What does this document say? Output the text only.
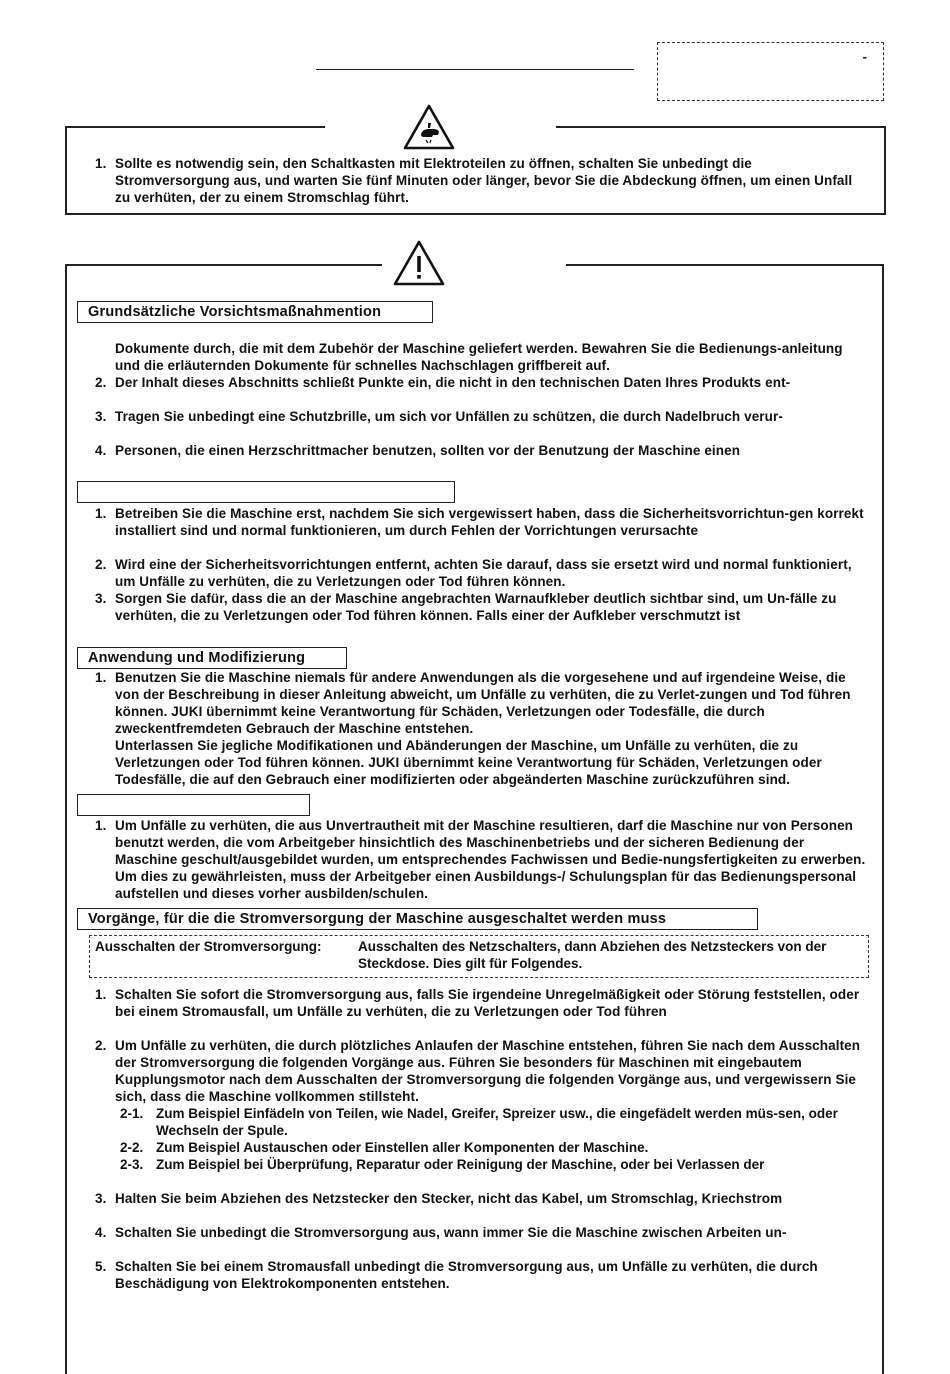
-
1. Sollte es notwendig sein, den Schaltkasten mit Elektroteilen zu öffnen, schalten Sie unbedingt die Stromversorgung aus, und warten Sie fünf Minuten oder länger, bevor Sie die Abdeckung öffnen, um einen Unfall zu verhüten, der zu einem Stromschlag führt.
Grundsätzliche Vorsichtsmaßnahmention
Dokumente durch, die mit dem Zubehör der Maschine geliefert werden. Bewahren Sie die Bedienungs-anleitung und die erläuternden Dokumente für schnelles Nachschlagen griffbereit auf.
2. Der Inhalt dieses Abschnitts schließt Punkte ein, die nicht in den technischen Daten Ihres Produkts ent-
3. Tragen Sie unbedingt eine Schutzbrille, um sich vor Unfällen zu schützen, die durch Nadelbruch verur-
4. Personen, die einen Herzschrittmacher benutzen, sollten vor der Benutzung der Maschine einen
1. Betreiben Sie die Maschine erst, nachdem Sie sich vergewissert haben, dass die Sicherheitsvorrichtun-gen korrekt installiert sind und normal funktionieren, um durch Fehlen der Vorrichtungen verursachte
2. Wird eine der Sicherheitsvorrichtungen entfernt, achten Sie darauf, dass sie ersetzt wird und normal funktioniert, um Unfälle zu verhüten, die zu Verletzungen oder Tod führen können.
3. Sorgen Sie dafür, dass die an der Maschine angebrachten Warnaufkleber deutlich sichtbar sind, um Un-fälle zu verhüten, die zu Verletzungen oder Tod führen können. Falls einer der Aufkleber verschmutzt ist
Anwendung und Modifizierung
1. Benutzen Sie die Maschine niemals für andere Anwendungen als die vorgesehene und auf irgendeine Weise, die von der Beschreibung in dieser Anleitung abweicht, um Unfälle zu verhüten, die zu Verlet-zungen und Tod führen können. JUKI übernimmt keine Verantwortung für Schäden, Verletzungen oder Todesfälle, die durch zweckentfremdeten Gebrauch der Maschine entstehen.
Unterlassen Sie jegliche Modifikationen und Abänderungen der Maschine, um Unfälle zu verhüten, die zu Verletzungen oder Tod führen können. JUKI übernimmt keine Verantwortung für Schäden, Verletzungen oder Todesfälle, die auf den Gebrauch einer modifizierten oder abgeänderten Maschine zurückzuführen sind.
1. Um Unfälle zu verhüten, die aus Unvertrautheit mit der Maschine resultieren, darf die Maschine nur von Personen benutzt werden, die vom Arbeitgeber hinsichtlich des Maschinenbetriebs und der sicheren Bedienung der Maschine geschult/ausgebildet wurden, um entsprechendes Fachwissen und Bedie-nungsfertigkeiten zu erwerben. Um dies zu gewährleisten, muss der Arbeitgeber einen Ausbildungs-/ Schulungsplan für das Bedienungspersonal aufstellen und dieses vorher ausbilden/schulen.
Vorgänge, für die die Stromversorgung der Maschine ausgeschaltet werden muss
Ausschalten der Stromversorgung:	Ausschalten des Netzschalters, dann Abziehen des Netzsteckers von der Steckdose. Dies gilt für Folgendes.
1. Schalten Sie sofort die Stromversorgung aus, falls Sie irgendeine Unregelmäßigkeit oder Störung feststellen, oder bei einem Stromausfall, um Unfälle zu verhüten, die zu Verletzungen oder Tod führen
2. Um Unfälle zu verhüten, die durch plötzliches Anlaufen der Maschine entstehen, führen Sie nach dem Ausschalten der Stromversorgung die folgenden Vorgänge aus. Führen Sie besonders für Maschinen mit eingebautem Kupplungsmotor nach dem Ausschalten der Stromversorgung die folgenden Vorgänge aus, und vergewissern Sie sich, dass die Maschine vollkommen stillsteht.
2-1. Zum Beispiel Einfädeln von Teilen, wie Nadel, Greifer, Spreizer usw., die eingefädelt werden müs-sen, oder Wechseln der Spule.
2-2. Zum Beispiel Austauschen oder Einstellen aller Komponenten der Maschine.
2-3. Zum Beispiel bei Überprüfung, Reparatur oder Reinigung der Maschine, oder bei Verlassen der
3. Halten Sie beim Abziehen des Netzstecker den Stecker, nicht das Kabel, um Stromschlag, Kriechstrom
4. Schalten Sie unbedingt die Stromversorgung aus, wann immer Sie die Maschine zwischen Arbeiten un-
5. Schalten Sie bei einem Stromausfall unbedingt die Stromversorgung aus, um Unfälle zu verhüten, die durch Beschädigung von Elektrokomponenten entstehen.
